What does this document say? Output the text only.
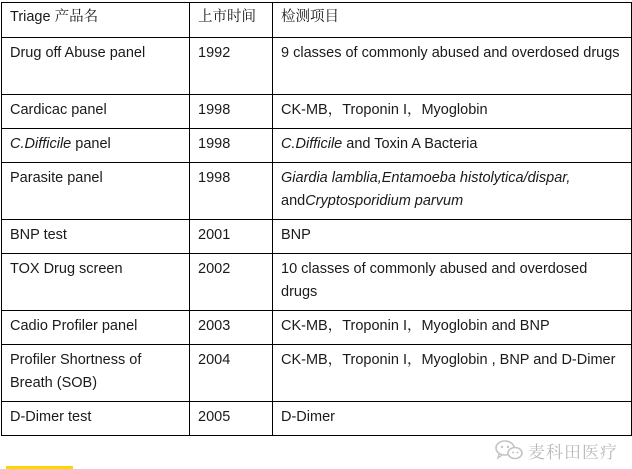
Triage 产品名	上市时间	检测项目
Drug off Abuse panel	1992	9 classes of commonly abused and overdosed drugs
Cardicac panel	1998	CK-MB，Troponin I，Myoglobin
C.Difficile panel	1998	C.Difficile and Toxin A Bacteria
Parasite panel	1998	Giardia lamblia,Entamoeba histolytica/dispar, andCryptosporidium parvum
BNP test	2001	BNP
TOX Drug screen	2002	10 classes of commonly abused and overdosed drugs
Cadio Profiler panel	2003	CK-MB，Troponin I，Myoglobin and BNP
Profiler Shortness of Breath (SOB)	2004	CK-MB，Troponin I，Myoglobin , BNP and D-Dimer
D-Dimer test	2005	D-Dimer
麦科田医疗
